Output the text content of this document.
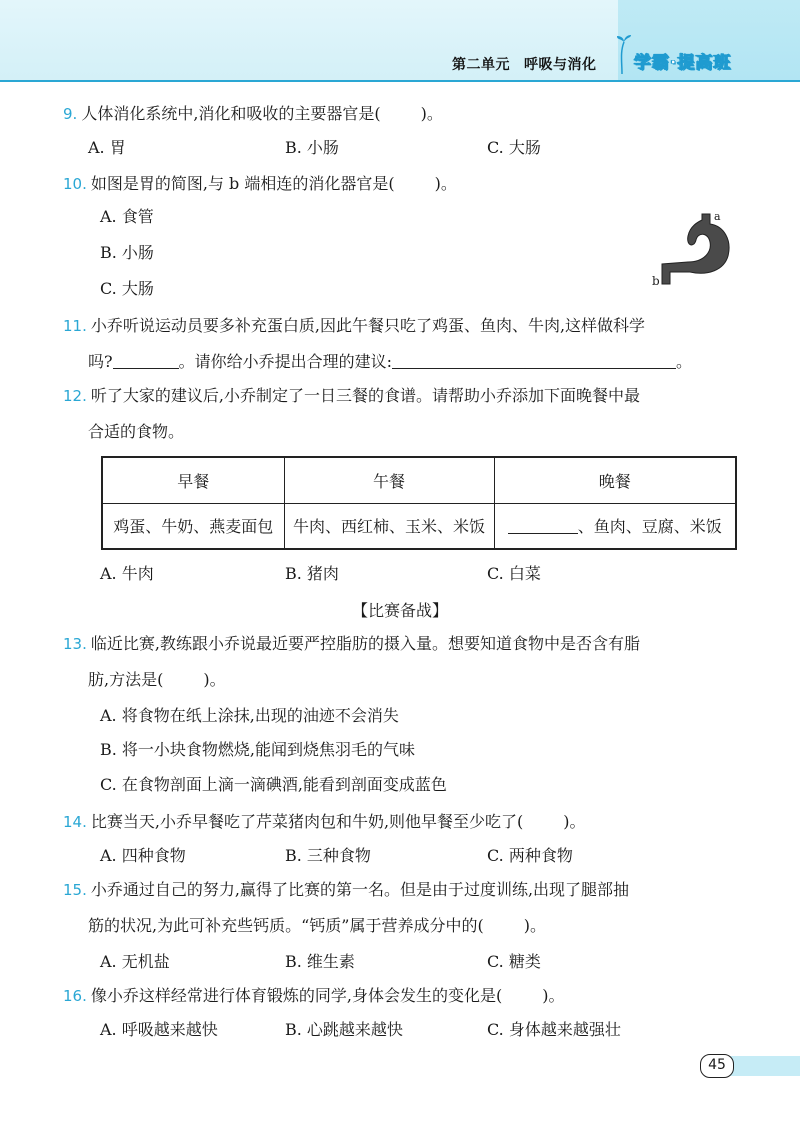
第二单元 呼吸与消化	学霸·提高班
9. 人体消化系统中,消化和吸收的主要器官是(	)。
A. 胃	B. 小肠	C. 大肠
10. 如图是胃的简图,与 b 端相连的消化器官是(	)。
A. 食管
B. 小肠
C. 大肠
a
b
11. 小乔听说运动员要多补充蛋白质,因此午餐只吃了鸡蛋、鱼肉、牛肉,这样做科学
吗?	。请你给小乔提出合理的建议:	。
12. 听了大家的建议后,小乔制定了一日三餐的食谱。请帮助小乔添加下面晚餐中最
合适的食物。
早餐	午餐	晚餐
鸡蛋、牛奶、燕麦面包	牛肉、西红柿、玉米、米饭	、鱼肉、豆腐、米饭
A. 牛肉	B. 猪肉	C. 白菜
【比赛备战】
13. 临近比赛,教练跟小乔说最近要严控脂肪的摄入量。想要知道食物中是否含有脂
肪,方法是(	)。
A. 将食物在纸上涂抹,出现的油迹不会消失
B. 将一小块食物燃烧,能闻到烧焦羽毛的气味
C. 在食物剖面上滴一滴碘酒,能看到剖面变成蓝色
14. 比赛当天,小乔早餐吃了芹菜猪肉包和牛奶,则他早餐至少吃了(	)。
A. 四种食物	B. 三种食物	C. 两种食物
15. 小乔通过自己的努力,赢得了比赛的第一名。但是由于过度训练,出现了腿部抽
筋的状况,为此可补充些钙质。“钙质”属于营养成分中的(	)。
A. 无机盐	B. 维生素	C. 糖类
16. 像小乔这样经常进行体育锻炼的同学,身体会发生的变化是(	)。
A. 呼吸越来越快	B. 心跳越来越快	C. 身体越来越强壮
45
